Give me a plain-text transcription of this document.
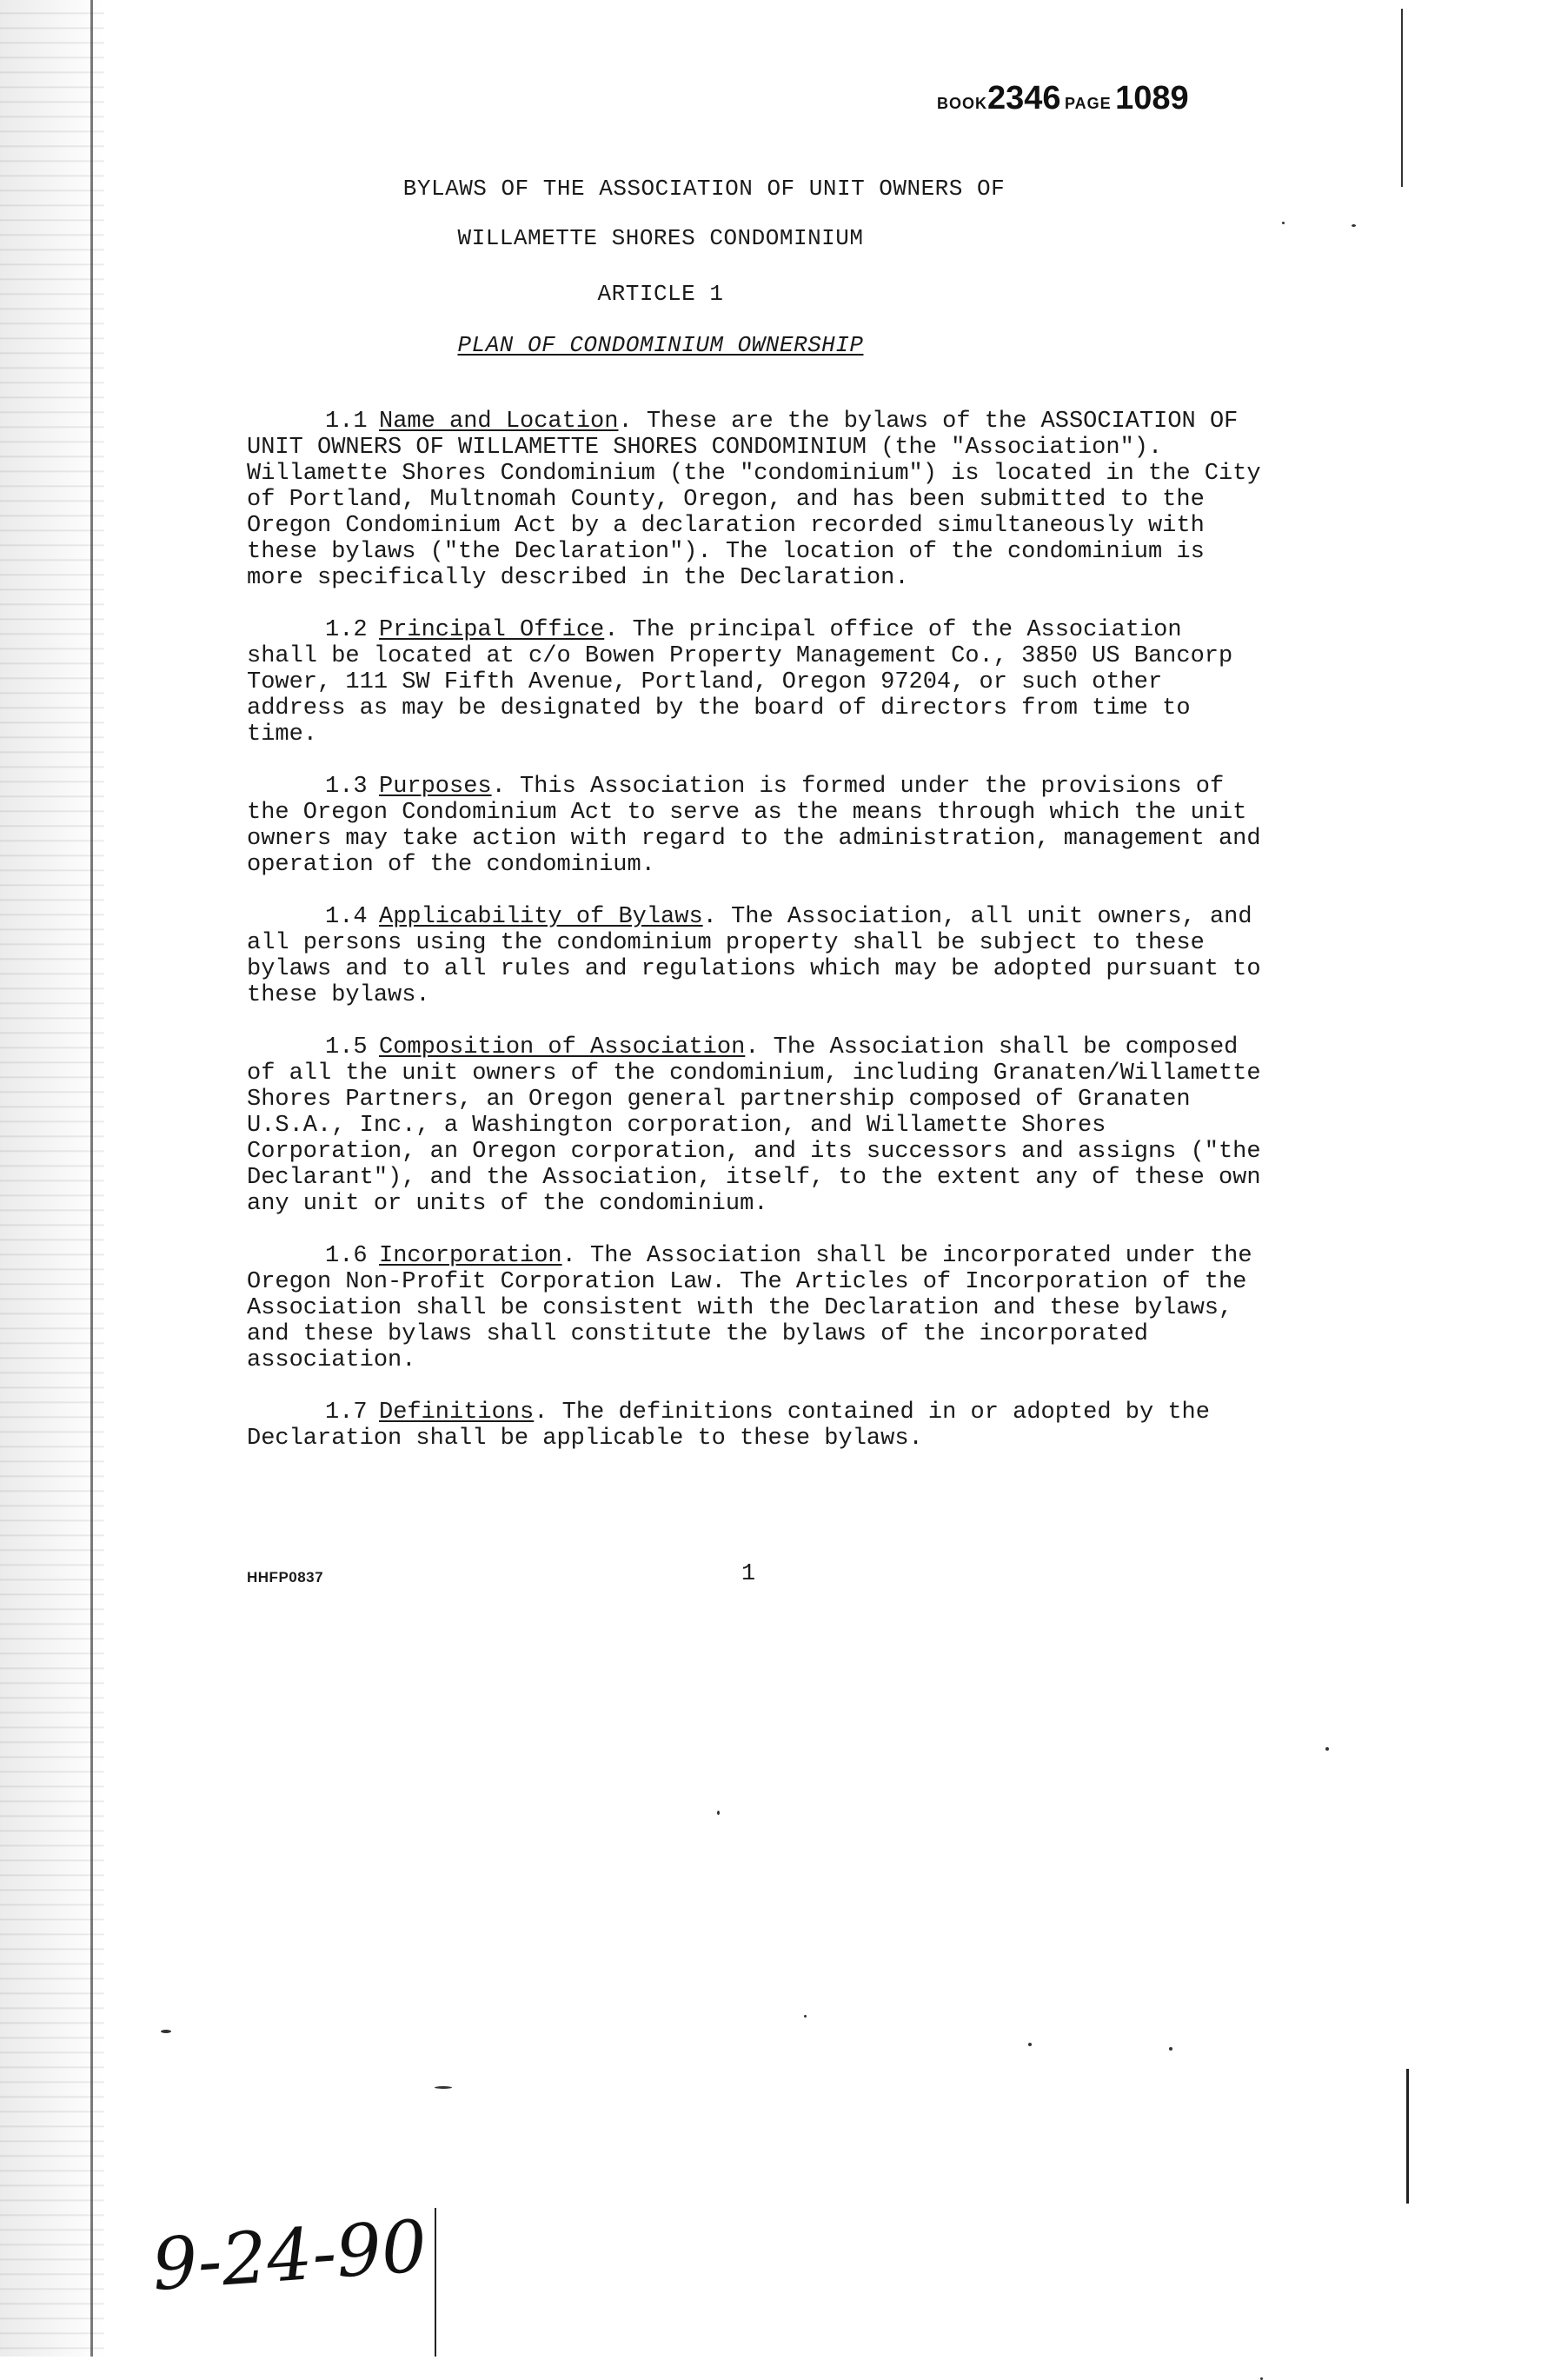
BOOK2346 PAGE 1089
BYLAWS OF THE ASSOCIATION OF UNIT OWNERS OF
WILLAMETTE SHORES CONDOMINIUM
ARTICLE 1
PLAN OF CONDOMINIUM OWNERSHIP

1.1 Name and Location. These are the bylaws of the ASSOCIATION OF UNIT OWNERS OF WILLAMETTE SHORES CONDOMINIUM (the "Association"). Willamette Shores Condominium (the "condominium") is located in the City of Portland, Multnomah County, Oregon, and has been submitted to the Oregon Condominium Act by a declaration recorded simultaneously with these bylaws ("the Declaration"). The location of the condominium is more specifically described in the Declaration.

1.2 Principal Office. The principal office of the Association shall be located at c/o Bowen Property Management Co., 3850 US Bancorp Tower, 111 SW Fifth Avenue, Portland, Oregon 97204, or such other address as may be designated by the board of directors from time to time.

1.3 Purposes. This Association is formed under the provisions of the Oregon Condominium Act to serve as the means through which the unit owners may take action with regard to the administration, management and operation of the condominium.

1.4 Applicability of Bylaws. The Association, all unit owners, and all persons using the condominium property shall be subject to these bylaws and to all rules and regulations which may be adopted pursuant to these bylaws.

1.5 Composition of Association. The Association shall be composed of all the unit owners of the condominium, including Granaten/Willamette Shores Partners, an Oregon general partnership composed of Granaten U.S.A., Inc., a Washington corporation, and Willamette Shores Corporation, an Oregon corporation, and its successors and assigns ("the Declarant"), and the Association, itself, to the extent any of these own any unit or units of the condominium.

1.6 Incorporation. The Association shall be incorporated under the Oregon Non-Profit Corporation Law. The Articles of Incorporation of the Association shall be consistent with the Declaration and these bylaws, and these bylaws shall constitute the bylaws of the incorporated association.

1.7 Definitions. The definitions contained in or adopted by the Declaration shall be applicable to these bylaws.

HHFP0837	1
9-24-90
